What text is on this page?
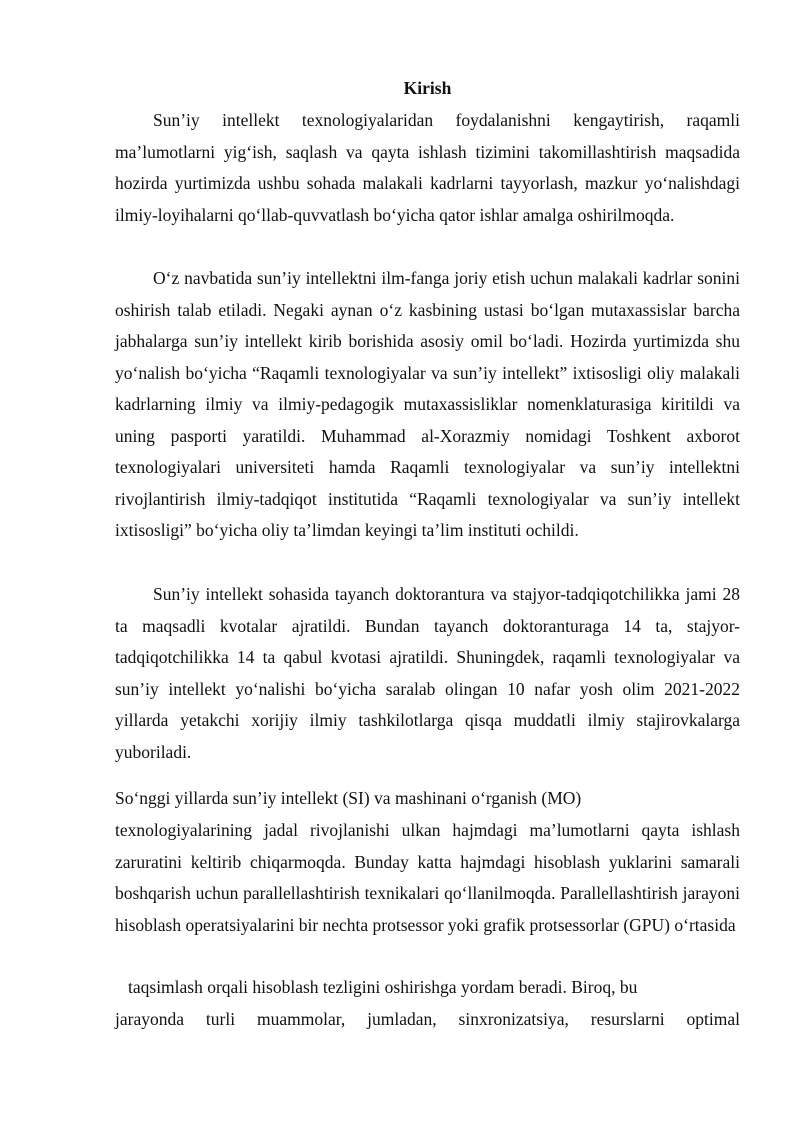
Kirish

Sun’iy intellekt texnologiyalaridan foydalanishni kengaytirish, raqamli ma’lumotlarni yig‘ish, saqlash va qayta ishlash tizimini takomillashtirish maqsadida hozirda yurtimizda ushbu sohada malakali kadrlarni tayyorlash, mazkur yo‘nalishdagi ilmiy-loyihalarni qo‘llab-quvvatlash bo‘yicha qator ishlar amalga oshirilmoqda.

O‘z navbatida sun’iy intellektni ilm-fanga joriy etish uchun malakali kadrlar sonini oshirish talab etiladi. Negaki aynan o‘z kasbining ustasi bo‘lgan mutaxassislar barcha jabhalarga sun’iy intellekt kirib borishida asosiy omil bo‘ladi. Hozirda yurtimizda shu yo‘nalish bo‘yicha “Raqamli texnologiyalar va sun’iy intellekt” ixtisosligi oliy malakali kadrlarning ilmiy va ilmiy-pedagogik mutaxassisliklar nomenklaturasiga kiritildi va uning pasporti yaratildi. Muhammad al-Xorazmiy nomidagi Toshkent axborot texnologiyalari universiteti hamda Raqamli texnologiyalar va sun’iy intellektni rivojlantirish ilmiy-tadqiqot institutida “Raqamli texnologiyalar va sun’iy intellekt ixtisosligi” bo‘yicha oliy ta’limdan keyingi ta’lim instituti ochildi.

Sun’iy intellekt sohasida tayanch doktorantura va stajyor-tadqiqotchilikka jami 28 ta maqsadli kvotalar ajratildi. Bundan tayanch doktoranturaga 14 ta, stajyor-tadqiqotchilikka 14 ta qabul kvotasi ajratildi. Shuningdek, raqamli texnologiyalar va sun’iy intellekt yo‘nalishi bo‘yicha saralab olingan 10 nafar yosh olim 2021-2022 yillarda yetakchi xorijiy ilmiy tashkilotlarga qisqa muddatli ilmiy stajirovkalarga yuboriladi.

So‘nggi yillarda sun’iy intellekt (SI) va mashinani o‘rganish (MO)

texnologiyalarining jadal rivojlanishi ulkan hajmdagi ma’lumotlarni qayta ishlash zaruratini keltirib chiqarmoqda. Bunday katta hajmdagi hisoblash yuklarini samarali boshqarish uchun parallellashtirish texnikalari qo‘llanilmoqda. Parallellashtirish jarayoni hisoblash operatsiyalarini bir nechta protsessor yoki grafik protsessorlar (GPU) o‘rtasida

taqsimlash orqali hisoblash tezligini oshirishga yordam beradi. Biroq, bu

jarayonda turli muammolar, jumladan, sinxronizatsiya, resurslarni optimal
